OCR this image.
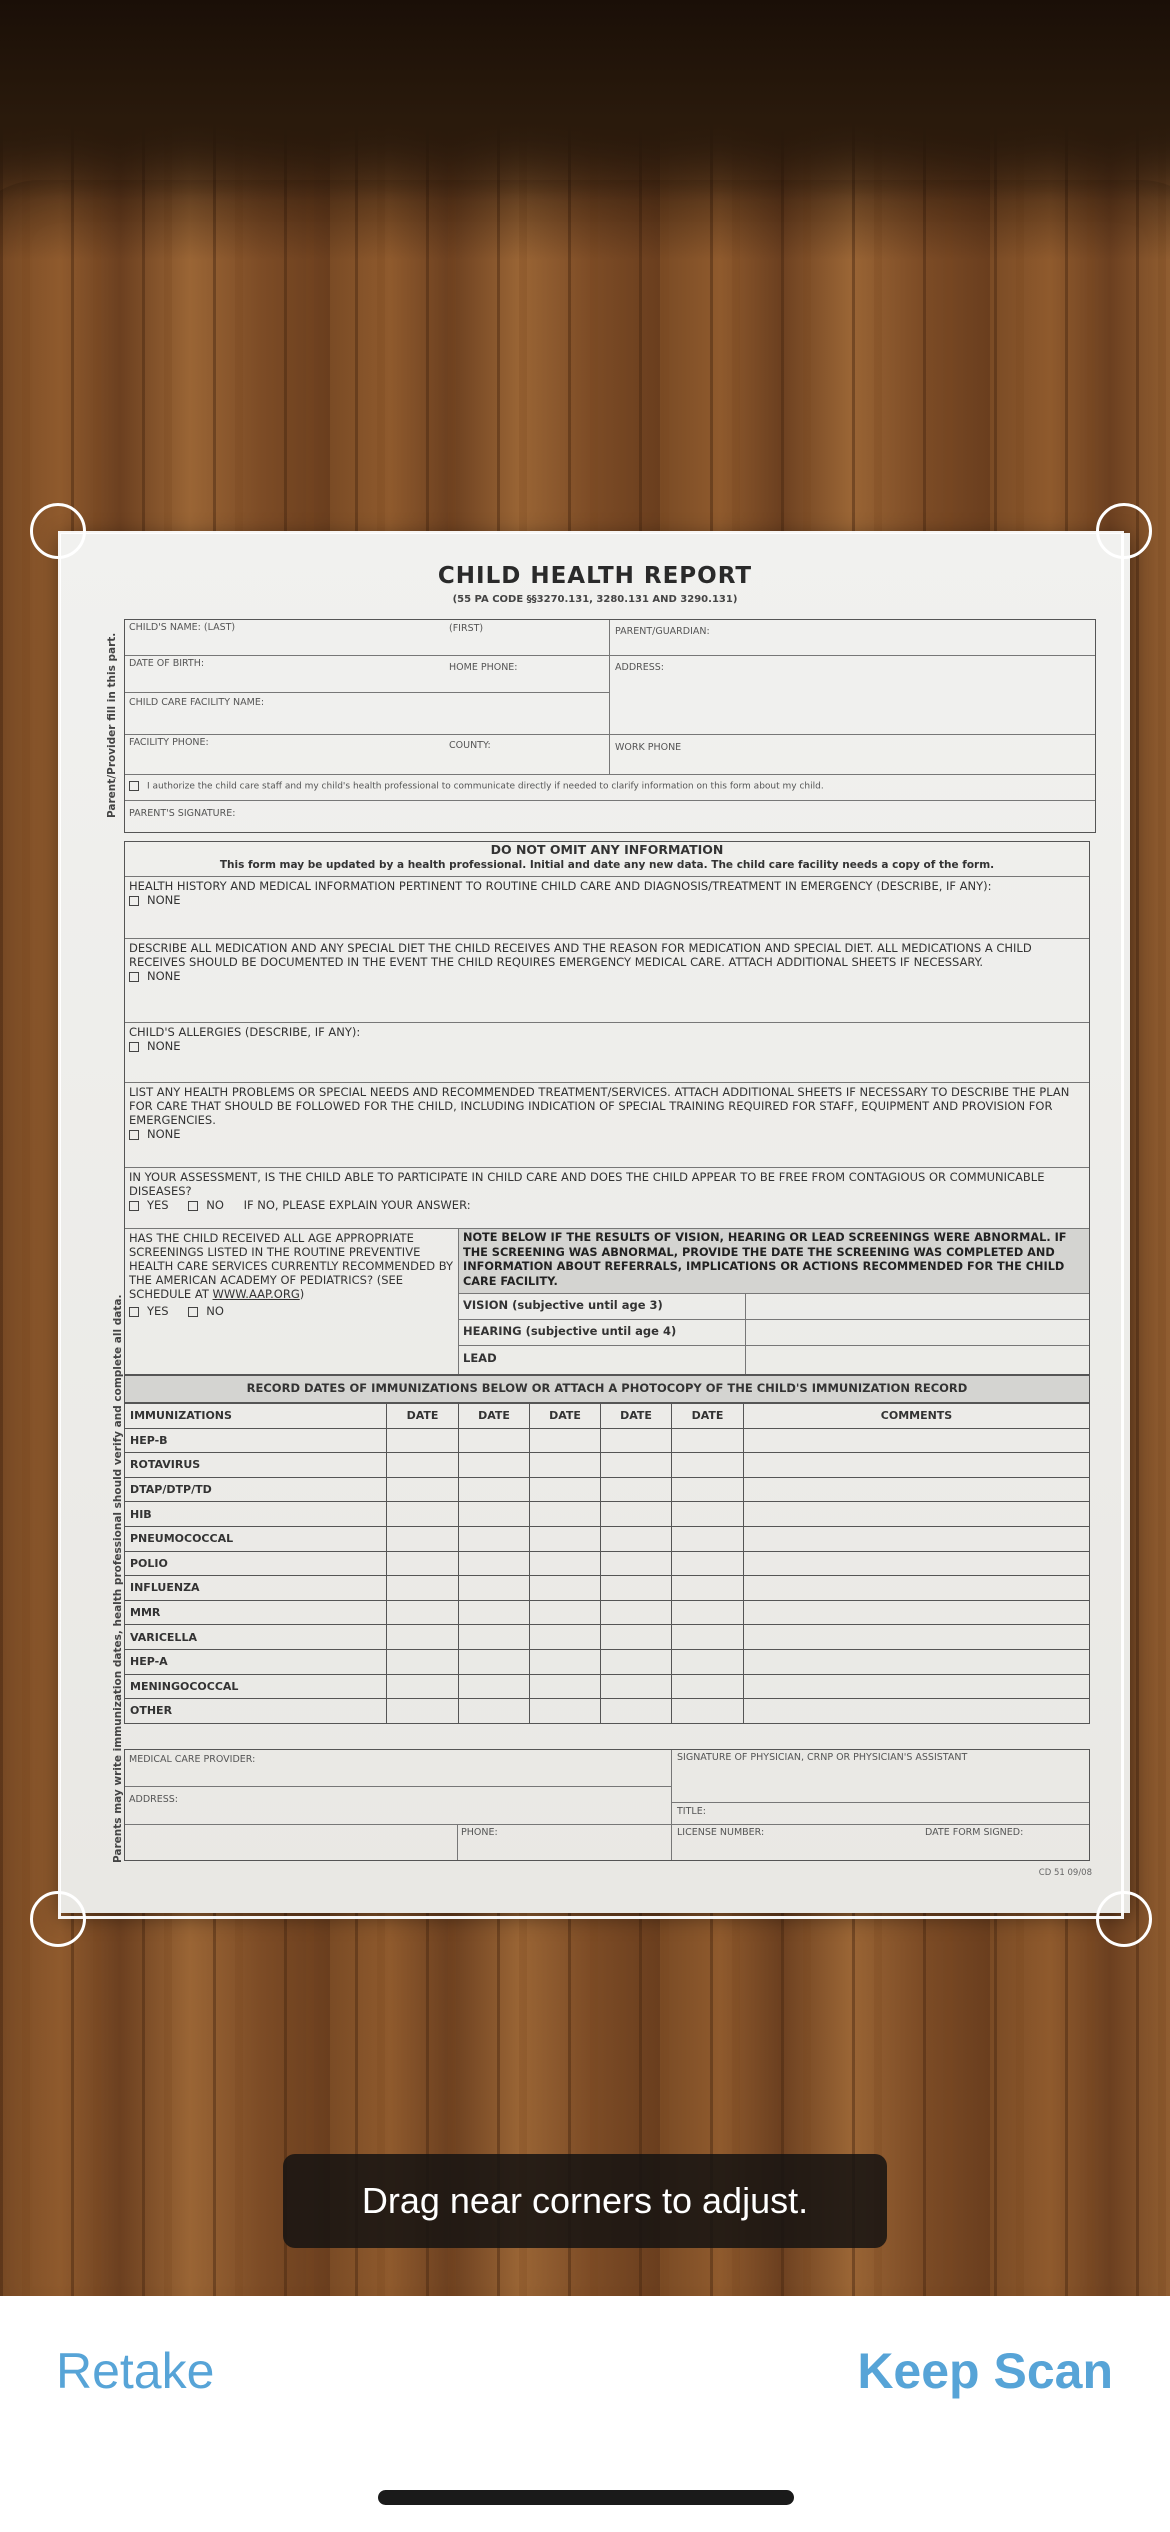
CHILD HEALTH REPORT
(55 PA CODE §§3270.131, 3280.131 AND 3290.131)
Parent/Provider fill in this part.
Parents may write immunization dates, health professional should verify and complete all data.
CHILD'S NAME: (LAST)	(FIRST)	PARENT/GUARDIAN:
DATE OF BIRTH:	HOME PHONE:	ADDRESS:
CHILD CARE FACILITY NAME:
FACILITY PHONE:	COUNTY:	WORK PHONE
I authorize the child care staff and my child's health professional to communicate directly if needed to clarify information on this form about my child.
PARENT'S SIGNATURE:
DO NOT OMIT ANY INFORMATION
This form may be updated by a health professional. Initial and date any new data. The child care facility needs a copy of the form.
HEALTH HISTORY AND MEDICAL INFORMATION PERTINENT TO ROUTINE CHILD CARE AND DIAGNOSIS/TREATMENT IN EMERGENCY (DESCRIBE, IF ANY):
NONE
DESCRIBE ALL MEDICATION AND ANY SPECIAL DIET THE CHILD RECEIVES AND THE REASON FOR MEDICATION AND SPECIAL DIET. ALL MEDICATIONS A CHILD RECEIVES SHOULD BE DOCUMENTED IN THE EVENT THE CHILD REQUIRES EMERGENCY MEDICAL CARE. ATTACH ADDITIONAL SHEETS IF NECESSARY.
NONE
CHILD'S ALLERGIES (DESCRIBE, IF ANY):
NONE
LIST ANY HEALTH PROBLEMS OR SPECIAL NEEDS AND RECOMMENDED TREATMENT/SERVICES. ATTACH ADDITIONAL SHEETS IF NECESSARY TO DESCRIBE THE PLAN FOR CARE THAT SHOULD BE FOLLOWED FOR THE CHILD, INCLUDING INDICATION OF SPECIAL TRAINING REQUIRED FOR STAFF, EQUIPMENT AND PROVISION FOR EMERGENCIES.
NONE
IN YOUR ASSESSMENT, IS THE CHILD ABLE TO PARTICIPATE IN CHILD CARE AND DOES THE CHILD APPEAR TO BE FREE FROM CONTAGIOUS OR COMMUNICABLE DISEASES?
YES	NO IF NO, PLEASE EXPLAIN YOUR ANSWER:
HAS THE CHILD RECEIVED ALL AGE APPROPRIATE SCREENINGS LISTED IN THE ROUTINE PREVENTIVE HEALTH CARE SERVICES CURRENTLY RECOMMENDED BY THE AMERICAN ACADEMY OF PEDIATRICS? (SEE SCHEDULE AT WWW.AAP.ORG)
YES	NO
NOTE BELOW IF THE RESULTS OF VISION, HEARING OR LEAD SCREENINGS WERE ABNORMAL. IF THE SCREENING WAS ABNORMAL, PROVIDE THE DATE THE SCREENING WAS COMPLETED AND INFORMATION ABOUT REFERRALS, IMPLICATIONS OR ACTIONS RECOMMENDED FOR THE CHILD CARE FACILITY.
VISION (subjective until age 3)
HEARING (subjective until age 4)
LEAD
RECORD DATES OF IMMUNIZATIONS BELOW OR ATTACH A PHOTOCOPY OF THE CHILD'S IMMUNIZATION RECORD
IMMUNIZATIONS	DATE	DATE	DATE	DATE	DATE	COMMENTS
HEP-B						
ROTAVIRUS						
DTAP/DTP/TD						
HIB						
PNEUMOCOCCAL						
POLIO						
INFLUENZA						
MMR						
VARICELLA						
HEP-A						
MENINGOCOCCAL						
OTHER						
MEDICAL CARE PROVIDER:	SIGNATURE OF PHYSICIAN, CRNP OR PHYSICIAN'S ASSISTANT
ADDRESS:
TITLE:
PHONE:	LICENSE NUMBER:	DATE FORM SIGNED:
CD 51 09/08
Drag near corners to adjust.
Retake	Keep Scan
